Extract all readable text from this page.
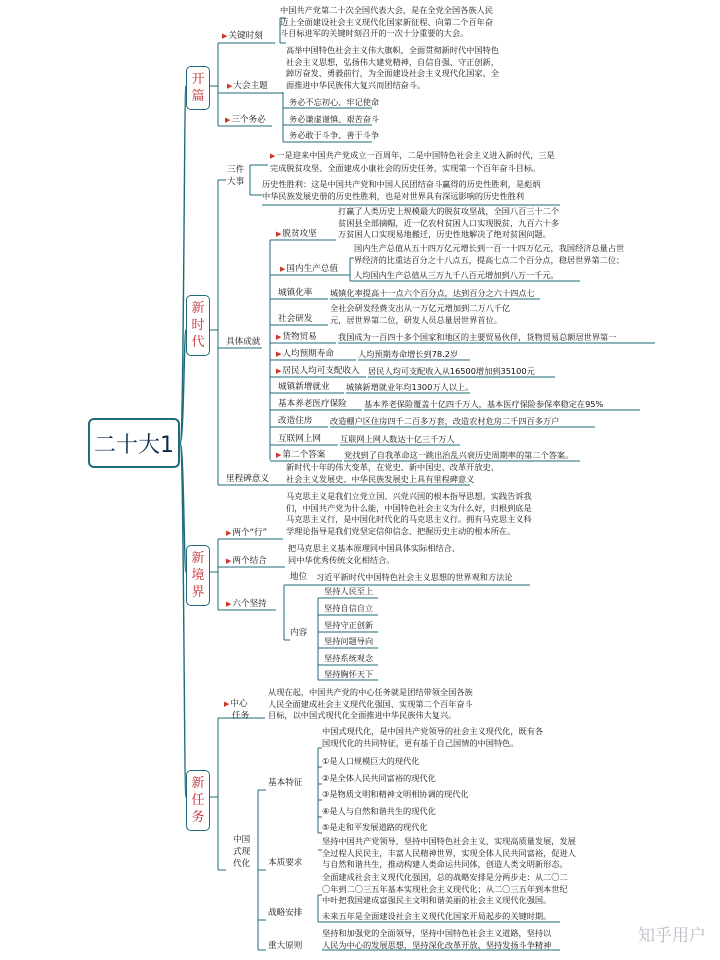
二十大1
开篇
新时代
新境界
新任务
▶关键时刻
中国共产党第二十次全国代表大会，是在全党全国各族人民
迈上全面建设社会主义现代化国家新征程、向第二个百年奋
斗目标进军的关键时刻召开的一次十分重要的大会。
▶大会主题
高举中国特色社会主义伟大旗帜，全面贯彻新时代中国特色
社会主义思想，弘扬伟大建党精神，自信自强、守正创新，
踔厉奋发、勇毅前行，为全面建设社会主义现代化国家、全
面推进中华民族伟大复兴而团结奋斗。
▶三个务必
务必不忘初心、牢记使命
务必谦虚谨慎、艰苦奋斗
务必敢于斗争、善于斗争
三件
大事
▶一是迎来中国共产党成立一百周年，二是中国特色社会主义进入新时代，三是
完成脱贫攻坚、全面建成小康社会的历史任务，实现第一个百年奋斗目标。
历史性胜利：这是中国共产党和中国人民团结奋斗赢得的历史性胜利，是彪炳
中华民族发展史册的历史性胜利，也是对世界具有深远影响的历史性胜利
具体成就
▶脱贫攻坚
打赢了人类历史上规模最大的脱贫攻坚战，全国八百三十二个
贫困县全部摘帽，近一亿农村贫困人口实现脱贫，九百六十多
万贫困人口实现易地搬迁，历史性地解决了绝对贫困问题。
▶国内生产总值
国内生产总值从五十四万亿元增长到一百一十四万亿元，我国经济总量占世
界经济的比重达百分之十八点五，提高七点二个百分点，稳居世界第二位；
人均国内生产总值从三万九千八百元增加到八万一千元。
城镇化率 城镇化率提高十一点六个百分点，达到百分之六十四点七
社会研发
全社会研发经费支出从一万亿元增加到二万八千亿
元，居世界第二位，研发人员总量居世界首位。
▶货物贸易	我国成为一百四十多个国家和地区的主要贸易伙伴，货物贸易总额居世界第一
▶人均预期寿命	人均预期寿命增长到78.2岁
▶居民人均可支配收入 居民人均可支配收入从16500增加到35100元
城镇新增就业 城镇新增就业年均1300万人以上。
基本养老医疗保险 基本养老保险覆盖十亿四千万人，基本医疗保险参保率稳定在95%
改造住房 改造棚户区住房四千二百多万套，改造农村危房二千四百多万户
互联网上网 互联网上网人数达十亿三千万人
▶第二个答案 党找到了自我革命这一跳出治乱兴衰历史周期率的第二个答案。
里程碑意义
新时代十年的伟大变革，在党史、新中国史、改革开放史、
社会主义发展史、中华民族发展史上具有里程碑意义
▶两个“行”
马克思主义是我们立党立国、兴党兴国的根本指导思想。实践告诉我
们，中国共产党为什么能，中国特色社会主义为什么好，归根到底是
马克思主义行，是中国化时代化的马克思主义行。拥有马克思主义科
学理论指导是我们党坚定信仰信念、把握历史主动的根本所在。
▶两个结合
把马克思主义基本原理同中国具体实际相结合、
同中华优秀传统文化相结合。
▶六个坚持
地位 习近平新时代中国特色社会主义思想的世界观和方法论
内容
坚持人民至上
坚持自信自立
坚持守正创新
坚持问题导向
坚持系统观念
坚持胸怀天下
▶中心
任务
从现在起，中国共产党的中心任务就是团结带领全国各族
人民全面建成社会主义现代化强国、实现第二个百年奋斗
目标，以中国式现代化全面推进中华民族伟大复兴。
中国
式现
代化
基本特征
中国式现代化，是中国共产党领导的社会主义现代化，既有各
国现代化的共同特征，更有基于自己国情的中国特色。
①是人口规模巨大的现代化
②是全体人民共同富裕的现代化
③是物质文明和精神文明相协调的现代化
④是人与自然和谐共生的现代化
⑤是走和平发展道路的现代化
本质要求
坚持中国共产党领导，坚持中国特色社会主义，实现高质量发展，发展
全过程人民民主，丰富人民精神世界，实现全体人民共同富裕，促进人
与自然和谐共生，推动构建人类命运共同体，创造人类文明新形态。
战略安排
全面建成社会主义现代化强国，总的战略安排是分两步走：从二〇二
〇年到二〇三五年基本实现社会主义现代化；从二〇三五年到本世纪
中叶把我国建成富强民主文明和谐美丽的社会主义现代化强国。
未来五年是全面建设社会主义现代化国家开局起步的关键时期。
重大原则
坚持和加强党的全面领导，坚持中国特色社会主义道路，坚持以
人民为中心的发展思想，坚持深化改革开放，坚持发扬斗争精神	知乎用户
